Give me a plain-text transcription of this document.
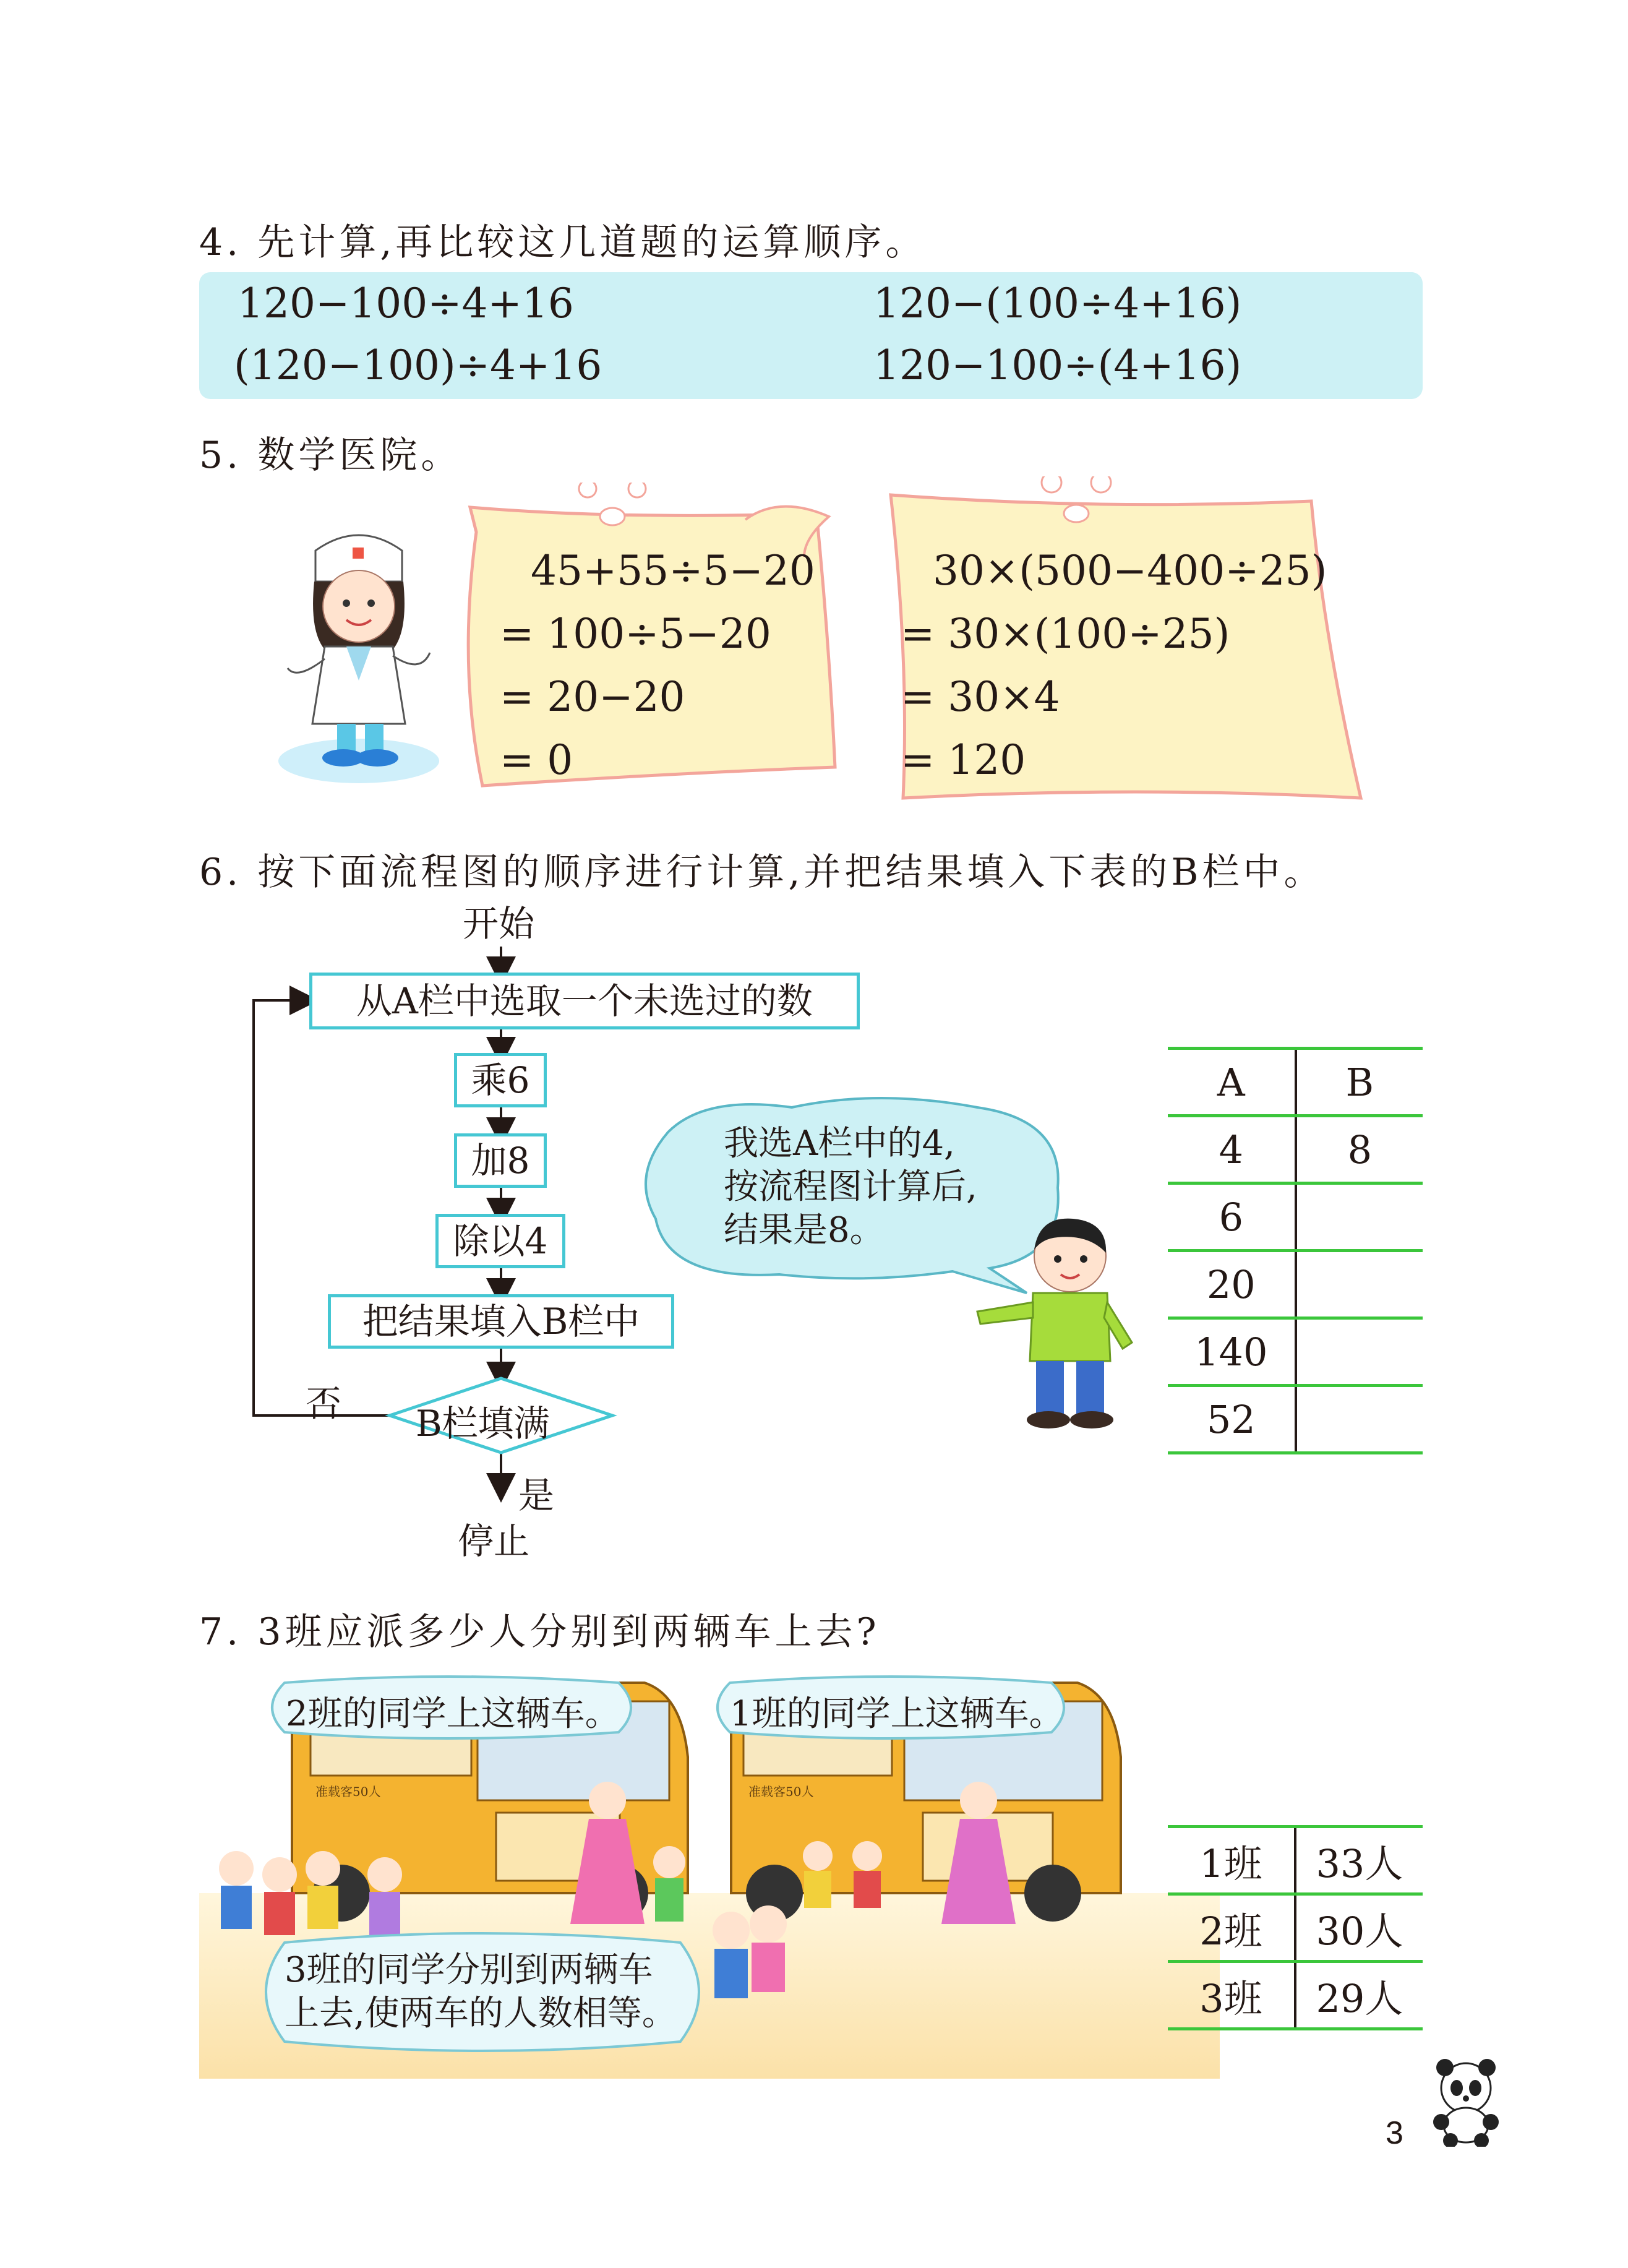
4. 先计算,再比较这几道题的运算顺序。
120−100÷4+16	120−(100÷4+16)
(120−100)÷4+16	120−100÷(4+16)
5. 数学医院。
45+55÷5−20
= 100÷5−20
= 20−20
= 0
30×(500−400÷25)
= 30×(100÷25)
= 30×4
= 120
6. 按下面流程图的顺序进行计算,并把结果填入下表的B栏中。
开始
从A栏中选取一个未选过的数
乘6
加8
除以4
把结果填入B栏中
B栏填满
否
是
停止
我选A栏中的4,
按流程图计算后,
结果是8。
A	B
4	8
6	
20	
140	
52	
7. 3班应派多少人分别到两辆车上去?
准载客50人	准载客50人
2班的同学上这辆车。	1班的同学上这辆车。
3班的同学分别到两辆车
上去,使两车的人数相等。
1班	33人
2班	30人
3班	29人
3
